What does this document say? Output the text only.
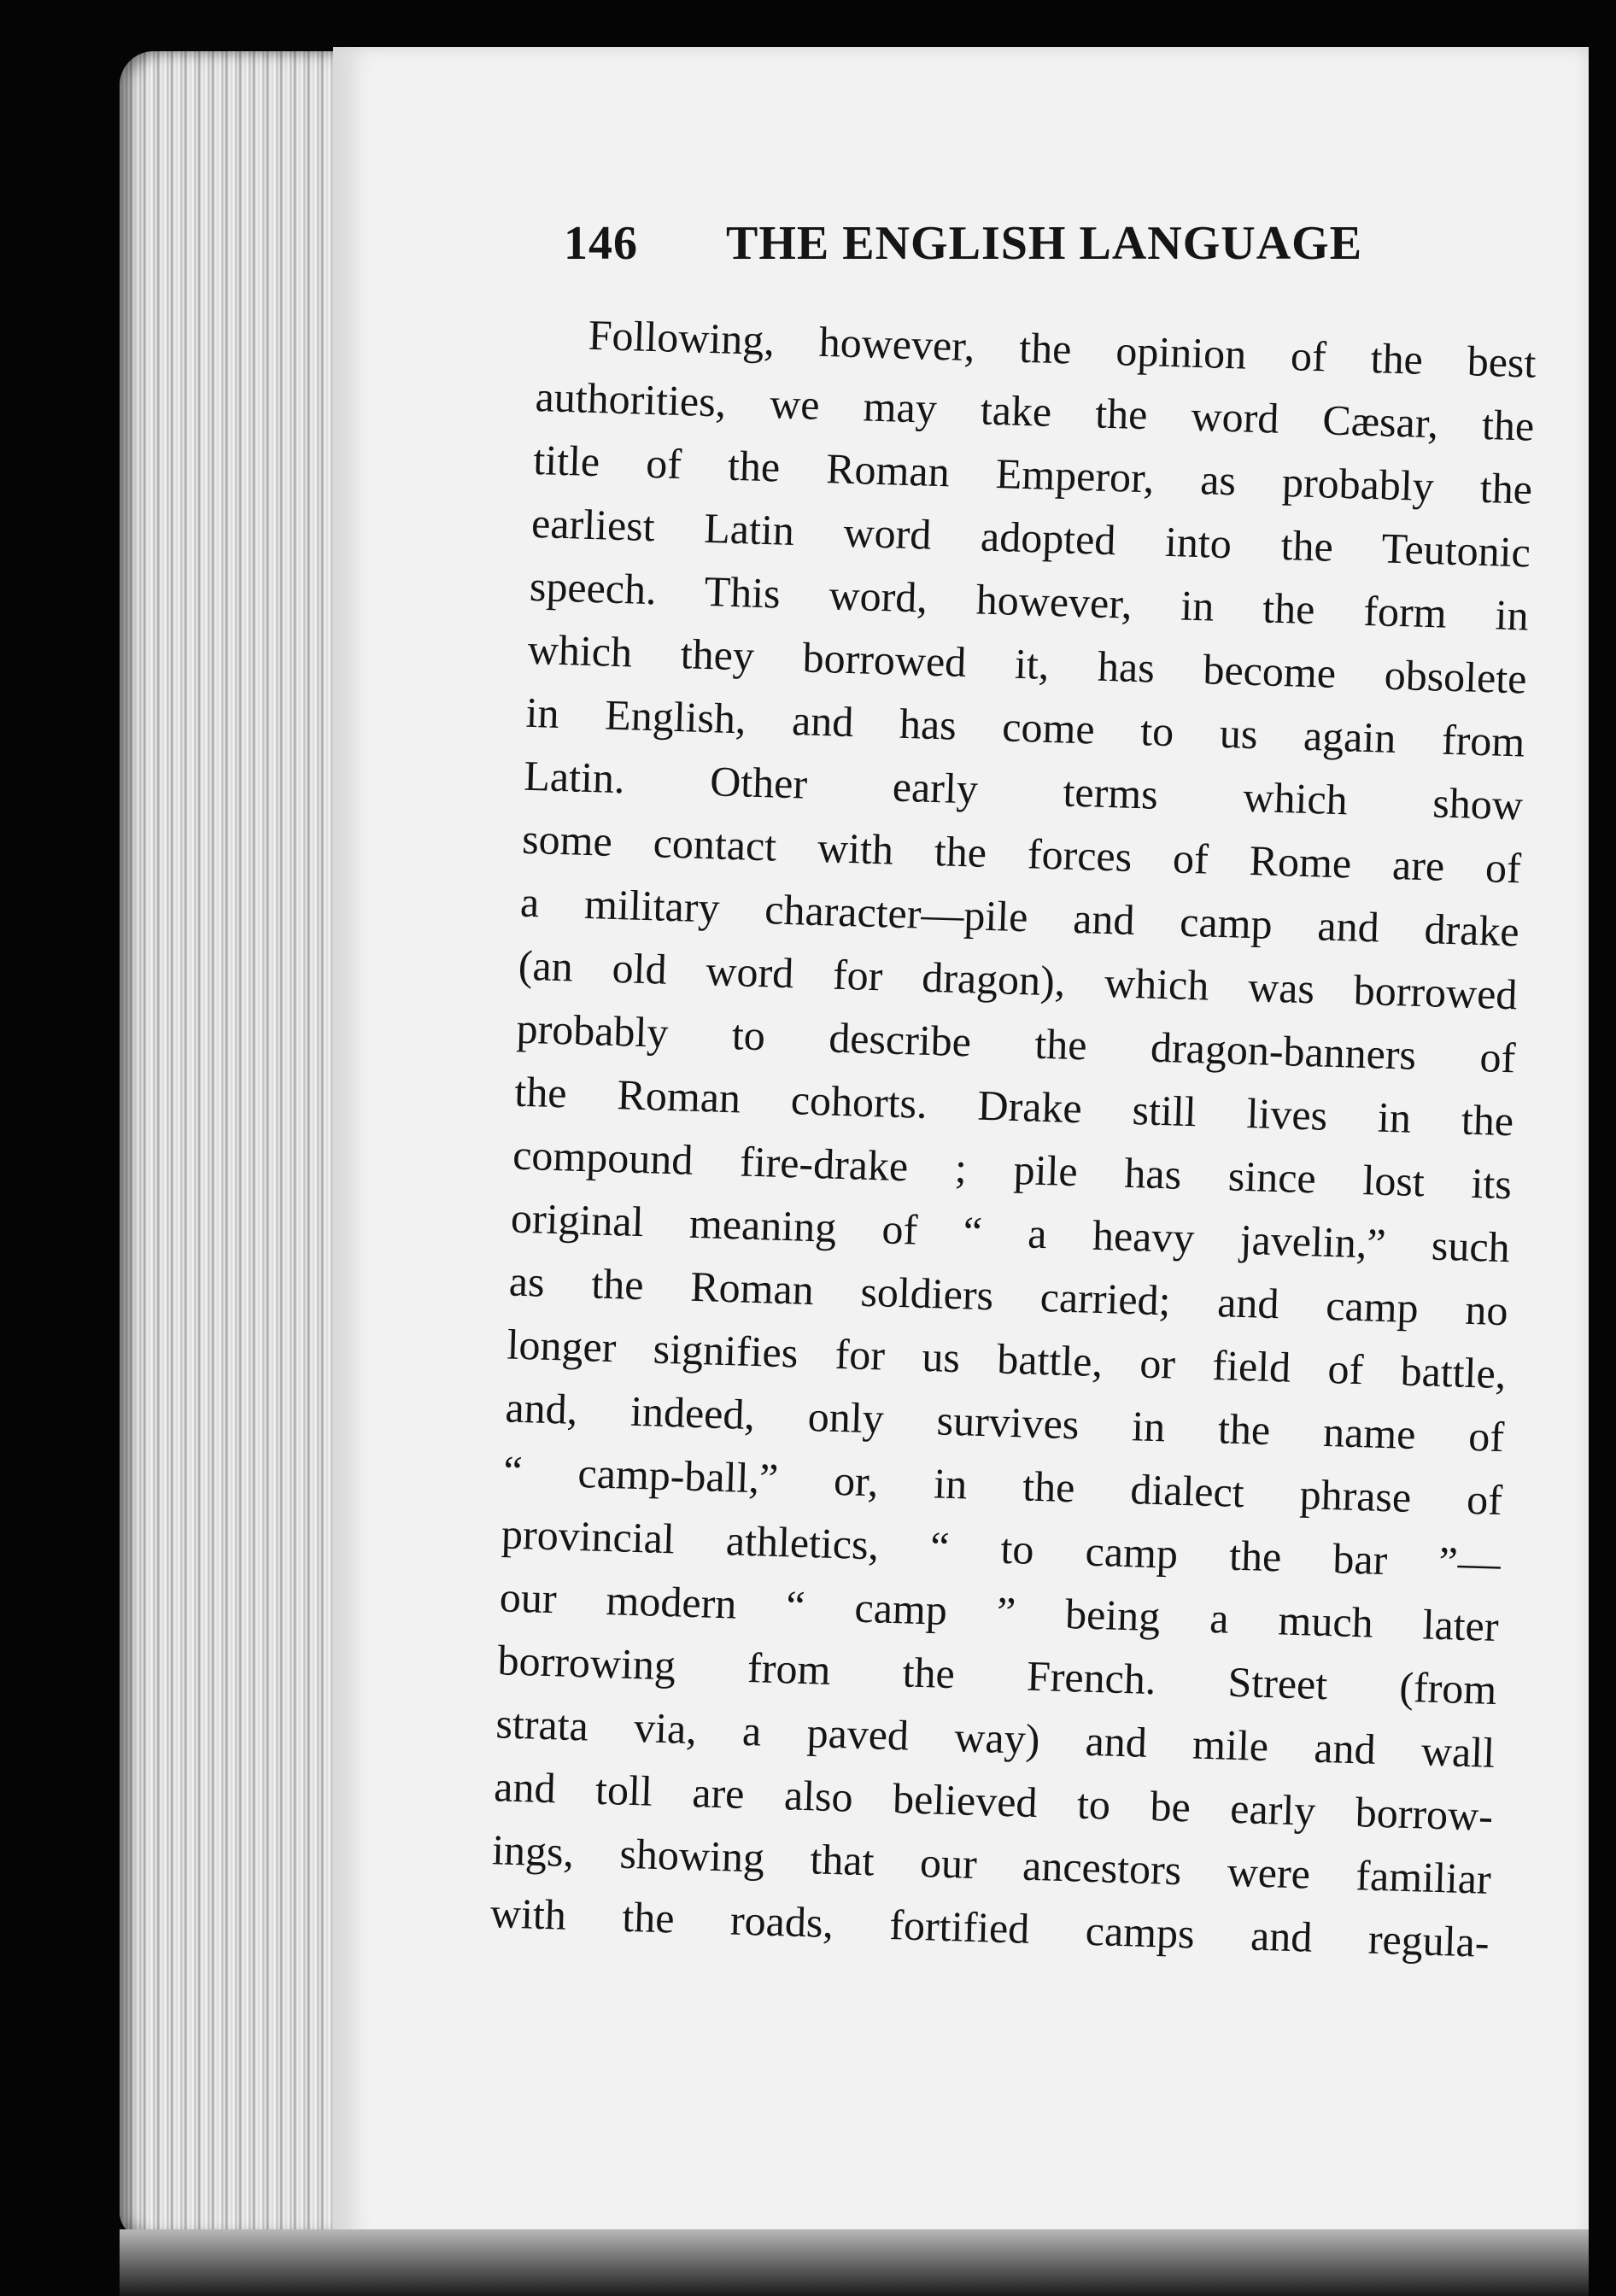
146 THE ENGLISH LANGUAGE
Following, however, the opinion of the best
authorities, we may take the word Cæsar, the
title of the Roman Emperor, as probably the
earliest Latin word adopted into the Teutonic
speech. This word, however, in the form in
which they borrowed it, has become obsolete
in English, and has come to us again from
Latin. Other early terms which show
some contact with the forces of Rome are of
a military character—pile and camp and drake
(an old word for dragon), which was borrowed
probably to describe the dragon-banners of
the Roman cohorts. Drake still lives in the
compound fire-drake ; pile has since lost its
original meaning of “ a heavy javelin,” such
as the Roman soldiers carried; and camp no
longer signifies for us battle, or field of battle,
and, indeed, only survives in the name of
“ camp-ball,” or, in the dialect phrase of
provincial athletics, “ to camp the bar ”—
our modern “ camp ” being a much later
borrowing from the French. Street (from
strata via, a paved way) and mile and wall
and toll are also believed to be early borrow-
ings, showing that our ancestors were familiar
with the roads, fortified camps and regula-
